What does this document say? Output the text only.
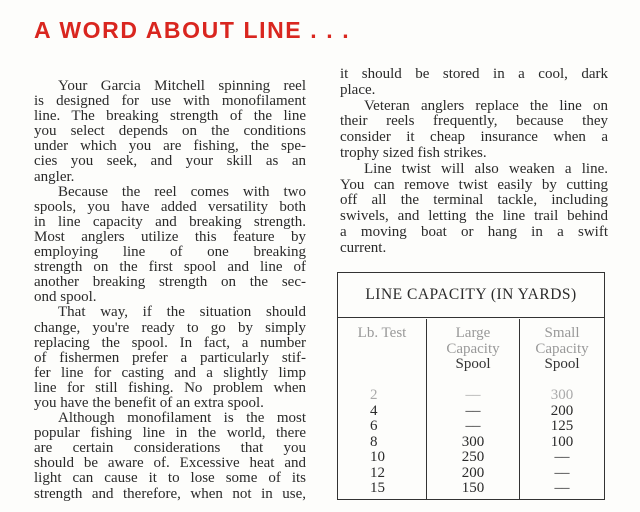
A WORD ABOUT LINE . . .
Your Garcia Mitchell spinning reel
is designed for use with monofilament
line. The breaking strength of the line
you select depends on the conditions
under which you are fishing, the spe-
cies you seek, and your skill as an
angler.
Because the reel comes with two
spools, you have added versatility both
in line capacity and breaking strength.
Most anglers utilize this feature by
employing line of one breaking
strength on the first spool and line of
another breaking strength on the sec-
ond spool.
That way, if the situation should
change, you're ready to go by simply
replacing the spool. In fact, a number
of fishermen prefer a particularly stif-
fer line for casting and a slightly limp
line for still fishing. No problem when
you have the benefit of an extra spool.
Although monofilament is the most
popular fishing line in the world, there
are certain considerations that you
should be aware of. Excessive heat and
light can cause it to lose some of its
strength and therefore, when not in use,
it should be stored in a cool, dark
place.
Veteran anglers replace the line on
their reels frequently, because they
consider it cheap insurance when a
trophy sized fish strikes.
Line twist will also weaken a line.
You can remove twist easily by cutting
off all the terminal tackle, including
swivels, and letting the line trail behind
a moving boat or hang in a swift
current.
LINE CAPACITY (IN YARDS)
Lb. Test
2
4
6
8
10
12
15
Large
Capacity
Spool
––
––
––
300
250
200
150
Small
Capacity
Spool
300
200
125
100
––
––
––
